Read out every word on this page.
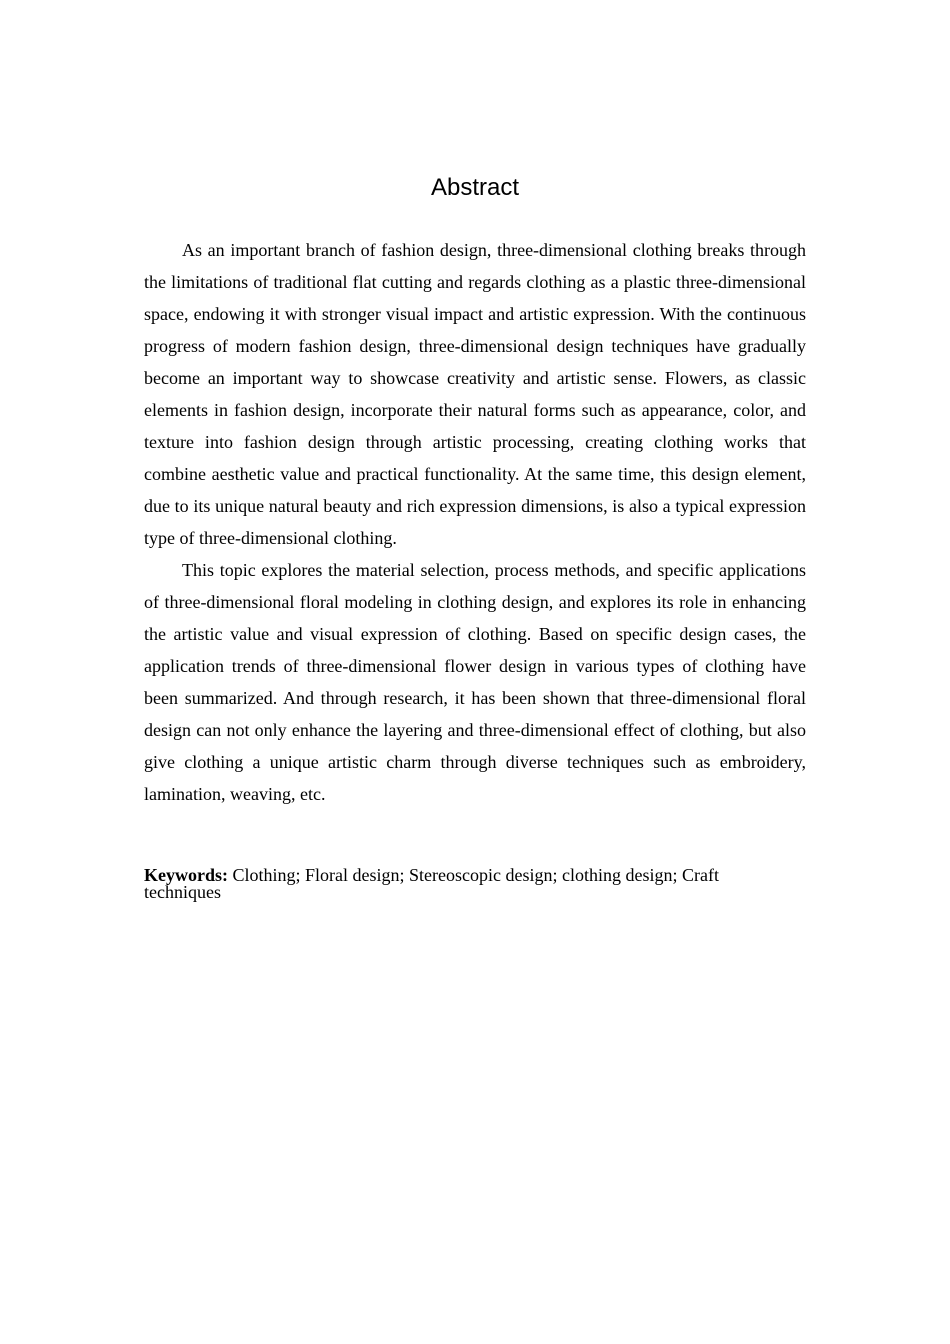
Abstract

As an important branch of fashion design, three-dimensional clothing breaks through the limitations of traditional flat cutting and regards clothing as a plastic three-dimensional space, endowing it with stronger visual impact and artistic expression. With the continuous progress of modern fashion design, three-dimensional design techniques have gradually become an important way to showcase creativity and artistic sense. Flowers, as classic elements in fashion design, incorporate their natural forms such as appearance, color, and texture into fashion design through artistic processing, creating clothing works that combine aesthetic value and practical functionality. At the same time, this design element, due to its unique natural beauty and rich expression dimensions, is also a typical expression type of three-dimensional clothing.

This topic explores the material selection, process methods, and specific applications of three-dimensional floral modeling in clothing design, and explores its role in enhancing the artistic value and visual expression of clothing. Based on specific design cases, the application trends of three-dimensional flower design in various types of clothing have been summarized. And through research, it has been shown that three-dimensional floral design can not only enhance the layering and three-dimensional effect of clothing, but also give clothing a unique artistic charm through diverse techniques such as embroidery, lamination, weaving, etc.

Keywords: Clothing; Floral design; Stereoscopic design; clothing design; Craft techniques
